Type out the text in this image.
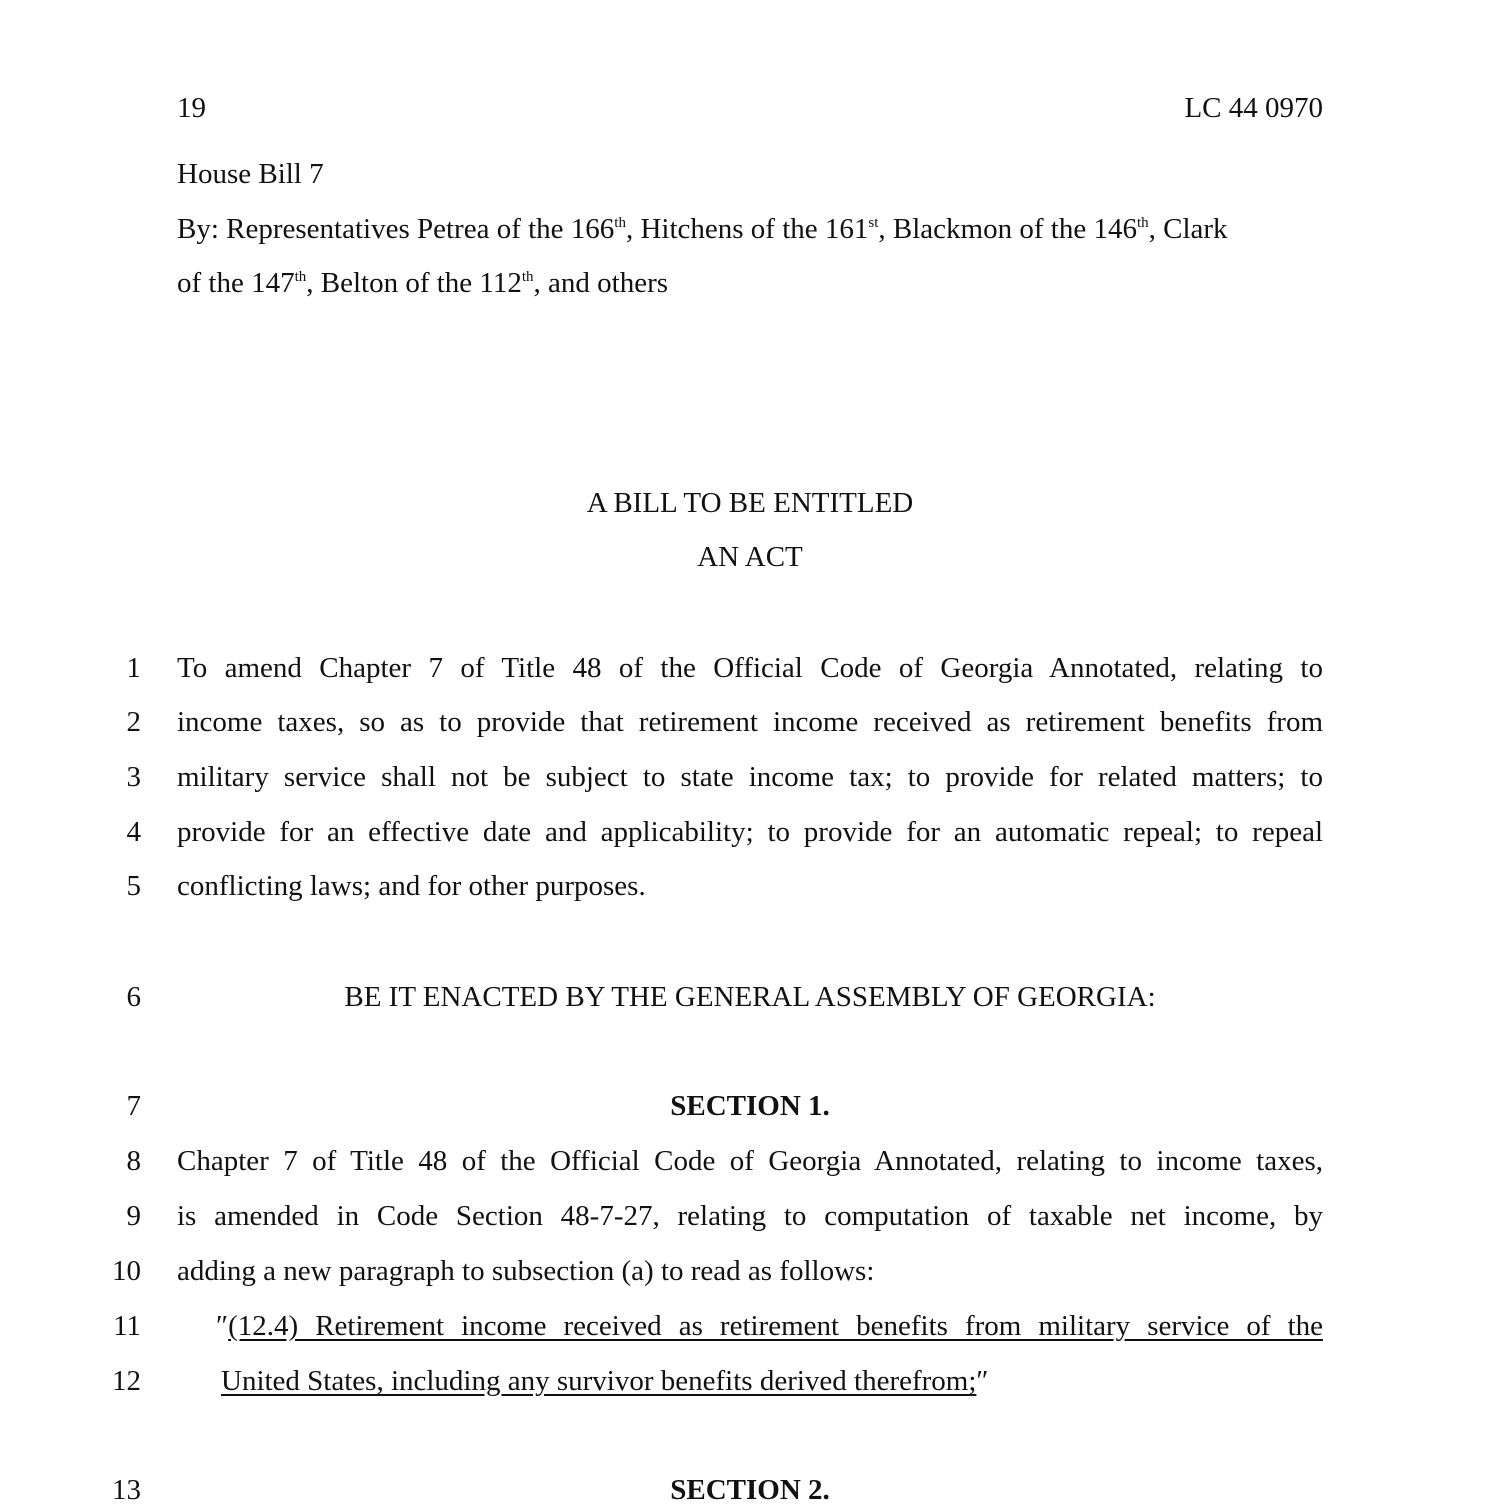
19	LC 44 0970
House Bill 7
By: Representatives Petrea of the 166th, Hitchens of the 161st, Blackmon of the 146th, Clark
of the 147th, Belton of the 112th, and others
A BILL TO BE ENTITLED
AN ACT
1 To amend Chapter 7 of Title 48 of the Official Code of Georgia Annotated, relating to
2 income taxes, so as to provide that retirement income received as retirement benefits from
3 military service shall not be subject to state income tax; to provide for related matters; to
4 provide for an effective date and applicability; to provide for an automatic repeal; to repeal
5 conflicting laws; and for other purposes.
6	BE IT ENACTED BY THE GENERAL ASSEMBLY OF GEORGIA:
7	SECTION 1.
8 Chapter 7 of Title 48 of the Official Code of Georgia Annotated, relating to income taxes,
9 is amended in Code Section 48-7-27, relating to computation of taxable net income, by
10 adding a new paragraph to subsection (a) to read as follows:
11	″ (12.4) Retirement income received as retirement benefits from military service of the
12	United States, including any survivor benefits derived therefrom;″
13	SECTION 2.
